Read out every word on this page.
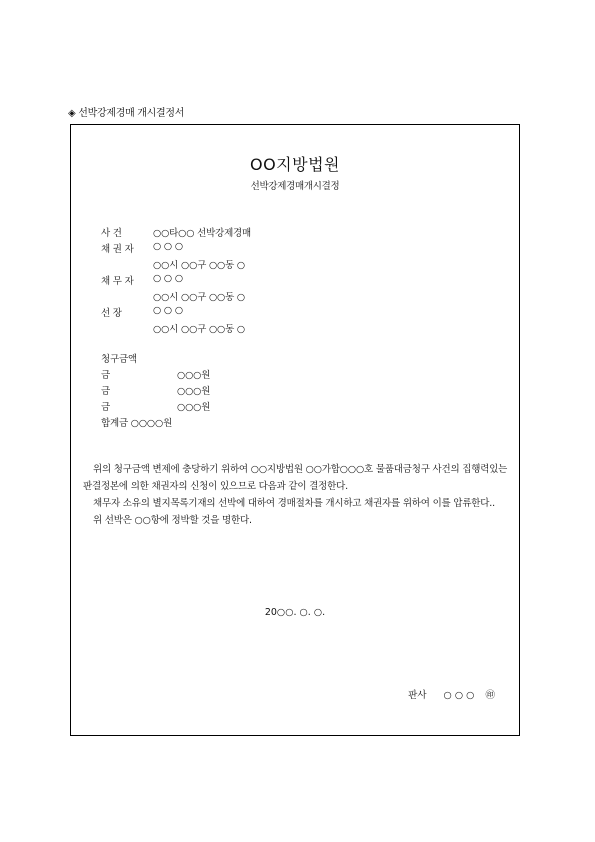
◈ 선박강제경매 개시결정서
OO지방법원
선박강제경매개시결정
사 건	○○타○○ 선박강제경매
채 권 자 ○ ○ ○
○○시 ○○구 ○○동 ○
채 무 자 ○ ○ ○
○○시 ○○구 ○○동 ○
선 장	○ ○ ○
○○시 ○○구 ○○동 ○
청구금액
금	○○○원
금	○○○원
금	○○○원
합계금 ○○○○원

위의 청구금액 변제에 충당하기 위하여 ○○지방법원 ○○가합○○○호 물품대금청구 사건의 집행력있는 판결정본에 의한 채권자의 신청이 있으므로 다음과 같이 결정한다.

채무자 소유의 별지목록기재의 선박에 대하여 경매절차를 개시하고 채권자를 위하여 이를 압류한다..

위 선박은 ○○항에 정박할 것을 명한다.

20○○. ○. ○.
판사 ○ ○ ○ ㊞
